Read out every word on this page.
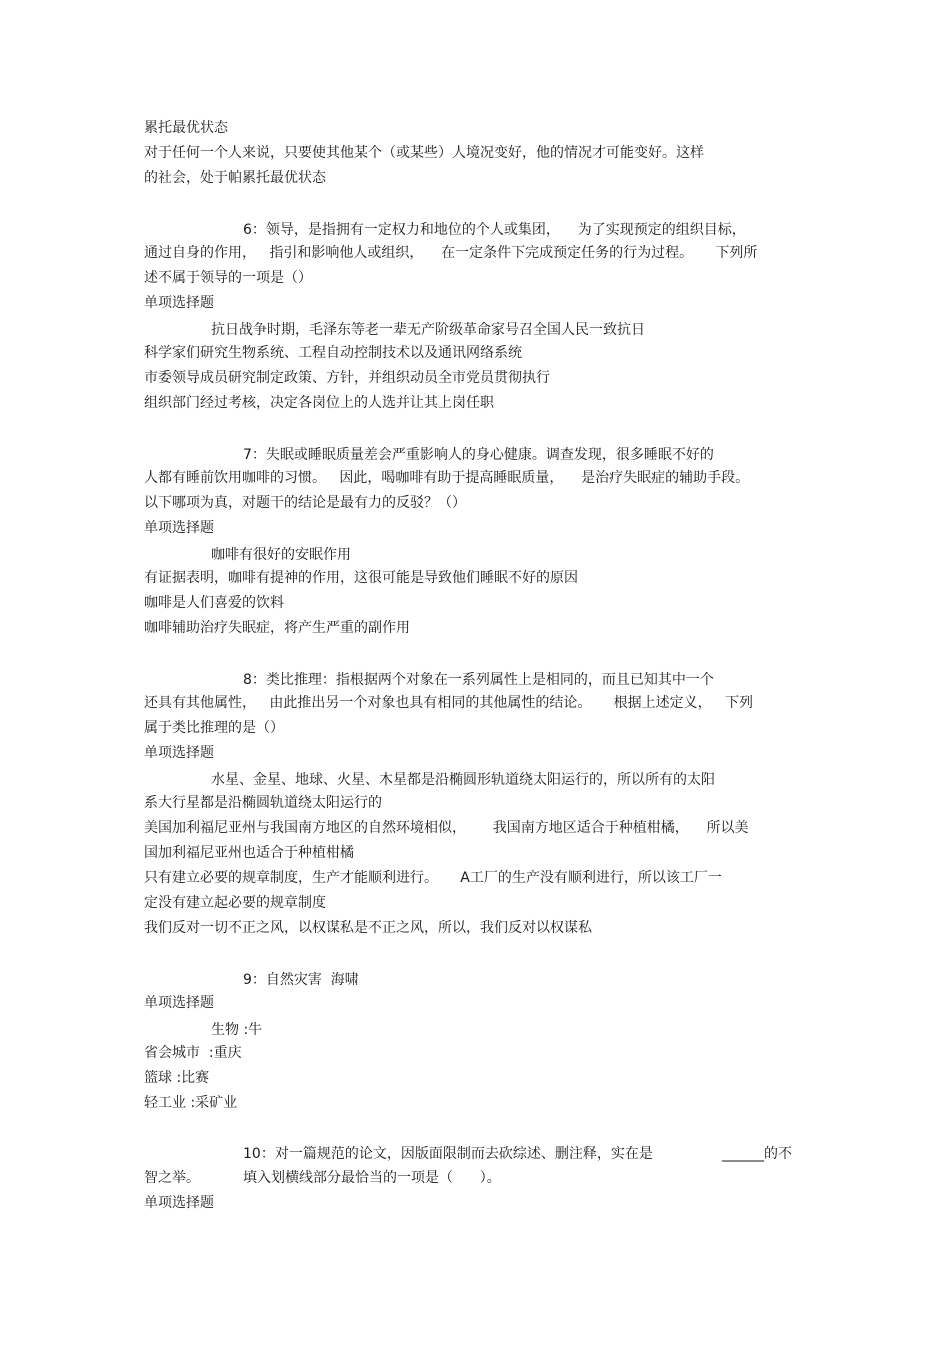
累托最优状态
对于任何一个人来说，只要使其他某个（或某些）人境况变好，他的情况才可能变好。这样
的社会，处于帕累托最优状态
6：领导，是指拥有一定权力和地位的个人或集团，    为了实现预定的组织目标，
通过自身的作用，   指引和影响他人或组织，    在一定条件下完成预定任务的行为过程。     下列所
述不属于领导的一项是（）
单项选择题
抗日战争时期，毛泽东等老一辈无产阶级革命家号召全国人民一致抗日
科学家们研究生物系统、工程自动控制技术以及通讯网络系统
市委领导成员研究制定政策、方针，并组织动员全市党员贯彻执行
组织部门经过考核，决定各岗位上的人选并让其上岗任职
7：失眠或睡眠质量差会严重影响人的身心健康。调查发现，很多睡眠不好的
人都有睡前饮用咖啡的习惯。   因此，喝咖啡有助于提高睡眠质量，    是治疗失眠症的辅助手段。
以下哪项为真，对题干的结论是最有力的反驳？（）
单项选择题
咖啡有很好的安眠作用
有证据表明，咖啡有提神的作用，这很可能是导致他们睡眠不好的原因
咖啡是人们喜爱的饮料
咖啡辅助治疗失眠症，将产生严重的副作用
8：类比推理：指根据两个对象在一系列属性上是相同的，而且已知其中一个
还具有其他属性，   由此推出另一个对象也具有相同的其他属性的结论。     根据上述定义，   下列
属于类比推理的是（）
单项选择题
水星、金星、地球、火星、木星都是沿椭圆形轨道绕太阳运行的，所以所有的太阳
系大行星都是沿椭圆轨道绕太阳运行的
美国加利福尼亚州与我国南方地区的自然环境相似，      我国南方地区适合于种植柑橘，    所以美
国加利福尼亚州也适合于种植柑橘
只有建立必要的规章制度，生产才能顺利进行。     A工厂的生产没有顺利进行，所以该工厂一
定没有建立起必要的规章制度
我们反对一切不正之风，以权谋私是不正之风，所以，我们反对以权谋私
9：自然灾害  海啸
单项选择题
生物 :牛
省会城市  :重庆
篮球 :比赛
轻工业 :采矿业
10：对一篇规范的论文，因版面限制而去砍综述、删注释，实在是	______的不
智之举。	填入划横线部分最恰当的一项是（      ）。
单项选择题
